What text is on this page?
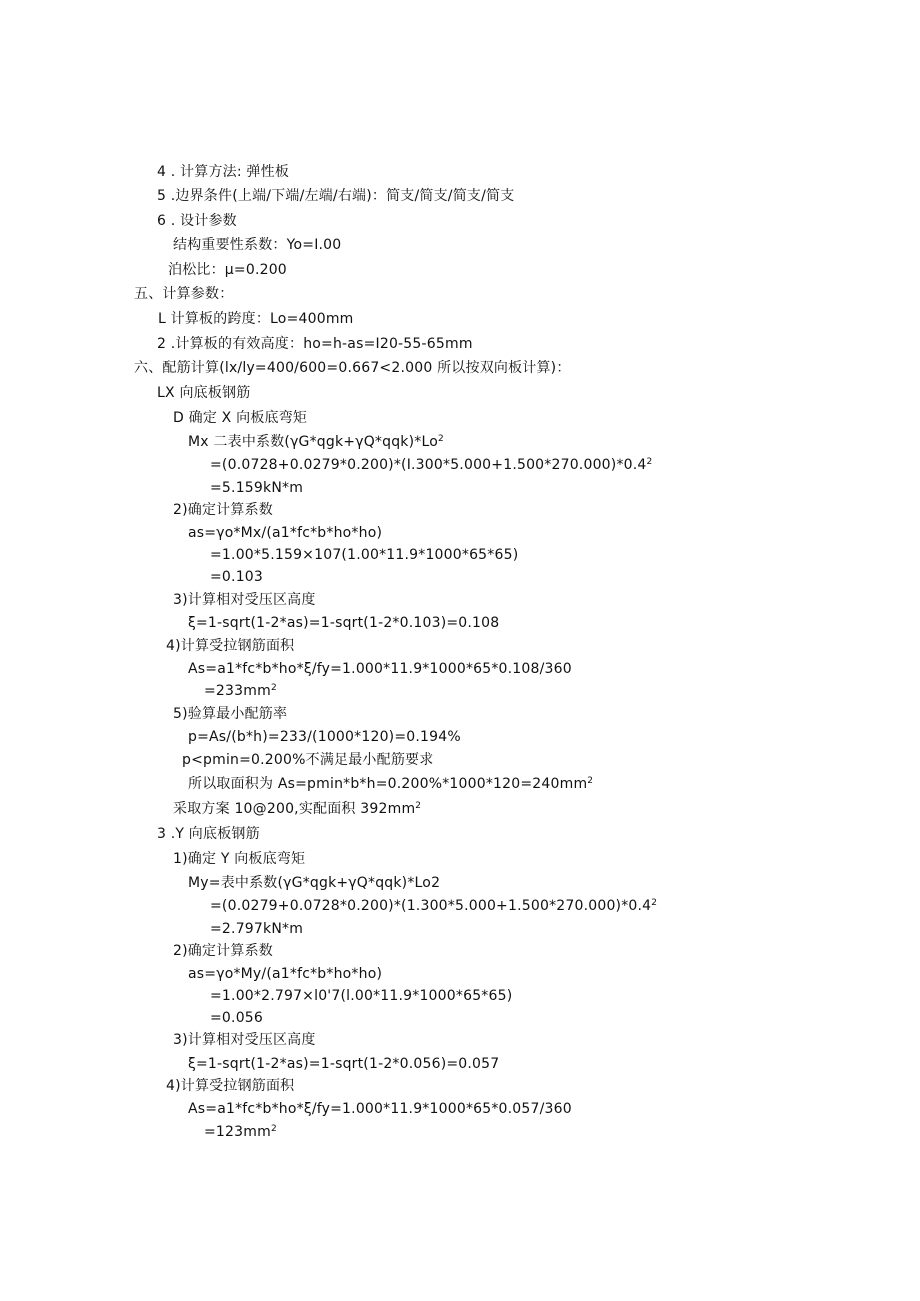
4 . 计算方法: 弹性板
5 .边界条件(上端/下端/左端/右端)：简支/简支/简支/简支
6 . 设计参数
结构重要性系数：Yo=I.00
泊松比：μ=0.200
五、计算参数：
L 计算板的跨度：Lo=400mm
2 .计算板的有效高度：ho=h-as=I20-55-65mm
六、配筋计算(lx/ly=400/600=0.667<2.000 所以按双向板计算)：
LX 向底板钢筋
D 确定 X 向板底弯矩
Mx 二表中系数$(\gamma G*qgk+\gamma Q*qqk)*Lo^2$
$=(0.0728+0.0279*0.200)*(I.300*5.000+1.500*270.000)*0.4^2$
=5.159kN*m
2)确定计算系数
as=γo*Mx/(a1*fc*b*ho*ho)
=1.00*5.159×107(1.00*11.9*1000*65*65)
=0.103
3)计算相对受压区高度
ξ=1-sqrt(1-2*as)=1-sqrt(1-2*0.103)=0.108
4)计算受拉钢筋面积
As=a1*fc*b*ho*ξ/fy=1.000*11.9*1000*65*0.108/360
$=233mm^2$
5)验算最小配筋率
p=As/(b*h)=233/(1000*120)=0.194%
p<pmin=0.200%不满足最小配筋要求
所以取面积为 $As=pmin*b*h=0.200\%*1000*120=240mm^2$
采取方案 10@200,实配面积 $392mm^2$
3 .Y 向底板钢筋
1)确定 Y 向板底弯矩
My=表中系数(γG*qgk+γQ*qqk)*Lo2
$=(0.0279+0.0728*0.200)*(1.300*5.000+1.500*270.000)*0.4^2$
=2.797kN*m
2)确定计算系数
as=γo*My/(a1*fc*b*ho*ho)
=1.00*2.797×l0'7(l.00*11.9*1000*65*65)
=0.056
3)计算相对受压区高度
ξ=1-sqrt(1-2*as)=1-sqrt(1-2*0.056)=0.057
4)计算受拉钢筋面积
As=a1*fc*b*ho*ξ/fy=1.000*11.9*1000*65*0.057/360
$=123mm^2$
